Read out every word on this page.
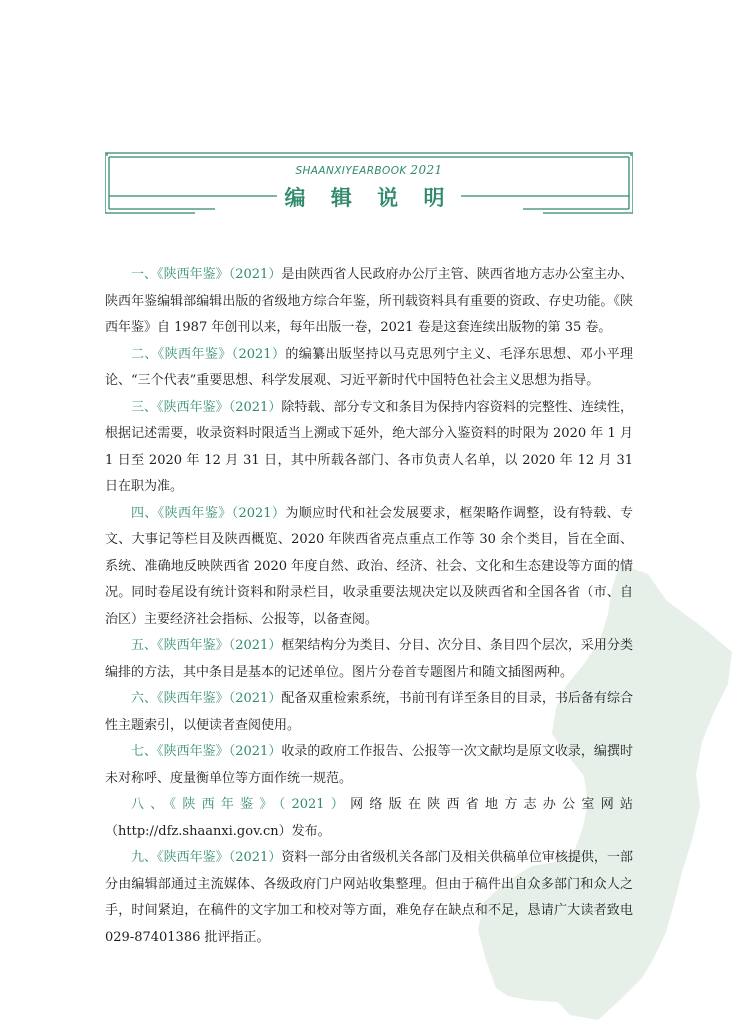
SHAANXIYEARBOOK 2021
编 辑 说 明

一、《陕西年鉴》（2021）是由陕西省人民政府办公厅主管、陕西省地方志办公室主办、陕西年鉴编辑部编辑出版的省级地方综合年鉴，所刊载资料具有重要的资政、存史功能。《陕西年鉴》自 1987 年创刊以来，每年出版一卷，2021 卷是这套连续出版物的第 35 卷。

二、《陕西年鉴》（2021）的编纂出版坚持以马克思列宁主义、毛泽东思想、邓小平理论、“三个代表”重要思想、科学发展观、习近平新时代中国特色社会主义思想为指导。

三、《陕西年鉴》（2021）除特载、部分专文和条目为保持内容资料的完整性、连续性，根据记述需要，收录资料时限适当上溯或下延外，绝大部分入鉴资料的时限为 2020 年 1 月 1 日至 2020 年 12 月 31 日，其中所载各部门、各市负责人名单，以 2020 年 12 月 31 日在职为准。

四、《陕西年鉴》（2021）为顺应时代和社会发展要求，框架略作调整，设有特载、专文、大事记等栏目及陕西概览、2020 年陕西省亮点重点工作等 30 余个类目，旨在全面、系统、准确地反映陕西省 2020 年度自然、政治、经济、社会、文化和生态建设等方面的情况。同时卷尾设有统计资料和附录栏目，收录重要法规决定以及陕西省和全国各省（市、自治区）主要经济社会指标、公报等，以备查阅。

五、《陕西年鉴》（2021）框架结构分为类目、分目、次分目、条目四个层次，采用分类编排的方法，其中条目是基本的记述单位。图片分卷首专题图片和随文插图两种。

六、《陕西年鉴》（2021）配备双重检索系统，书前刊有详至条目的目录，书后备有综合性主题索引，以便读者查阅使用。

七、《陕西年鉴》（2021）收录的政府工作报告、公报等一次文献均是原文收录，编撰时未对称呼、度量衡单位等方面作统一规范。

八、《陕西年鉴》（2021）网络版在陕西省地方志办公室网站（http://dfz.shaanxi.gov.cn）发布。

九、《陕西年鉴》（2021）资料一部分由省级机关各部门及相关供稿单位审核提供，一部分由编辑部通过主流媒体、各级政府门户网站收集整理。但由于稿件出自众多部门和众人之手，时间紧迫，在稿件的文字加工和校对等方面，难免存在缺点和不足，恳请广大读者致电 029-87401386 批评指正。
